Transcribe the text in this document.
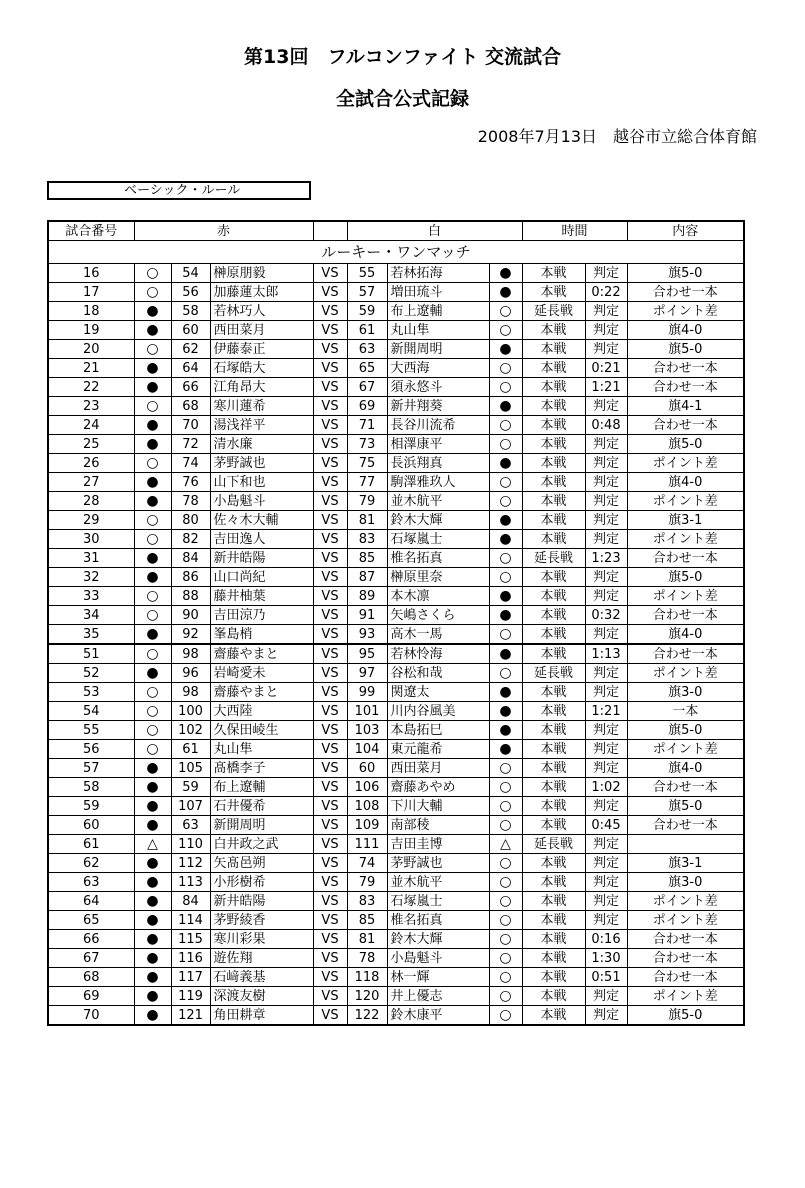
第13回　フルコンファイト 交流試合
全試合公式記録
2008年7月13日　越谷市立総合体育館
ベーシック・ルール
試合番号	赤				白			時間		内容
ルーキー・ワンマッチ										
16	○	54	榊原朋毅	VS	55	若林拓海	●	本戦	判定	旗5-0
17	○	56	加藤蓮太郎	VS	57	増田琉斗	●	本戦	0:22	合わせ一本
18	●	58	若林巧人	VS	59	布上遼輔	○	延長戦	判定	ポイント差
19	●	60	西田菜月	VS	61	丸山隼	○	本戦	判定	旗4-0
20	○	62	伊藤泰正	VS	63	新開周明	●	本戦	判定	旗5-0
21	●	64	石塚皓大	VS	65	大西海	○	本戦	0:21	合わせ一本
22	●	66	江角昂大	VS	67	須永悠斗	○	本戦	1:21	合わせ一本
23	○	68	寒川蓮希	VS	69	新井翔葵	●	本戦	判定	旗4-1
24	●	70	湯浅祥平	VS	71	長谷川流希	○	本戦	0:48	合わせ一本
25	●	72	清水廉	VS	73	相澤康平	○	本戦	判定	旗5-0
26	○	74	茅野誠也	VS	75	長浜翔真	●	本戦	判定	ポイント差
27	●	76	山下和也	VS	77	駒澤雅玖人	○	本戦	判定	旗4-0
28	●	78	小島魁斗	VS	79	並木航平	○	本戦	判定	ポイント差
29	○	80	佐々木大輔	VS	81	鈴木大輝	●	本戦	判定	旗3-1
30	○	82	吉田逸人	VS	83	石塚嵐士	●	本戦	判定	ポイント差
31	●	84	新井皓陽	VS	85	椎名拓真	○	延長戦	1:23	合わせ一本
32	●	86	山口尚紀	VS	87	榊原里奈	○	本戦	判定	旗5-0
33	○	88	藤井柚葉	VS	89	本木凛	●	本戦	判定	ポイント差
34	○	90	吉田涼乃	VS	91	矢嶋さくら	●	本戦	0:32	合わせ一本
35	●	92	峯島梢	VS	93	高木一馬	○	本戦	判定	旗4-0
51	○	98	齋藤やまと	VS	95	若林怜海	●	本戦	1:13	合わせ一本
52	●	96	岩崎愛未	VS	97	谷松和哉	○	延長戦	判定	ポイント差
53	○	98	齋藤やまと	VS	99	関遼太	●	本戦	判定	旗3-0
54	○	100	大西陸	VS	101	川内谷風美	●	本戦	1:21	一本
55	○	102	久保田崚生	VS	103	本島拓巳	●	本戦	判定	旗5-0
56	○	61	丸山隼	VS	104	東元龍希	●	本戦	判定	ポイント差
57	●	105	髙橋李子	VS	60	西田菜月	○	本戦	判定	旗4-0
58	●	59	布上遼輔	VS	106	齋藤あやめ	○	本戦	1:02	合わせ一本
59	●	107	石井優希	VS	108	下川大輔	○	本戦	判定	旗5-0
60	●	63	新開周明	VS	109	南部稜	○	本戦	0:45	合わせ一本
61	△	110	白井政之武	VS	111	吉田圭博	△	延長戦	判定	
62	●	112	矢髙邑朔	VS	74	茅野誠也	○	本戦	判定	旗3-1
63	●	113	小形樹希	VS	79	並木航平	○	本戦	判定	旗3-0
64	●	84	新井皓陽	VS	83	石塚嵐士	○	本戦	判定	ポイント差
65	●	114	茅野綾香	VS	85	椎名拓真	○	本戦	判定	ポイント差
66	●	115	寒川彩果	VS	81	鈴木大輝	○	本戦	0:16	合わせ一本
67	●	116	遊佐翔	VS	78	小島魁斗	○	本戦	1:30	合わせ一本
68	●	117	石﨑義基	VS	118	林一輝	○	本戦	0:51	合わせ一本
69	●	119	深渡友樹	VS	120	井上優志	○	本戦	判定	ポイント差
70	●	121	角田耕章	VS	122	鈴木康平	○	本戦	判定	旗5-0
